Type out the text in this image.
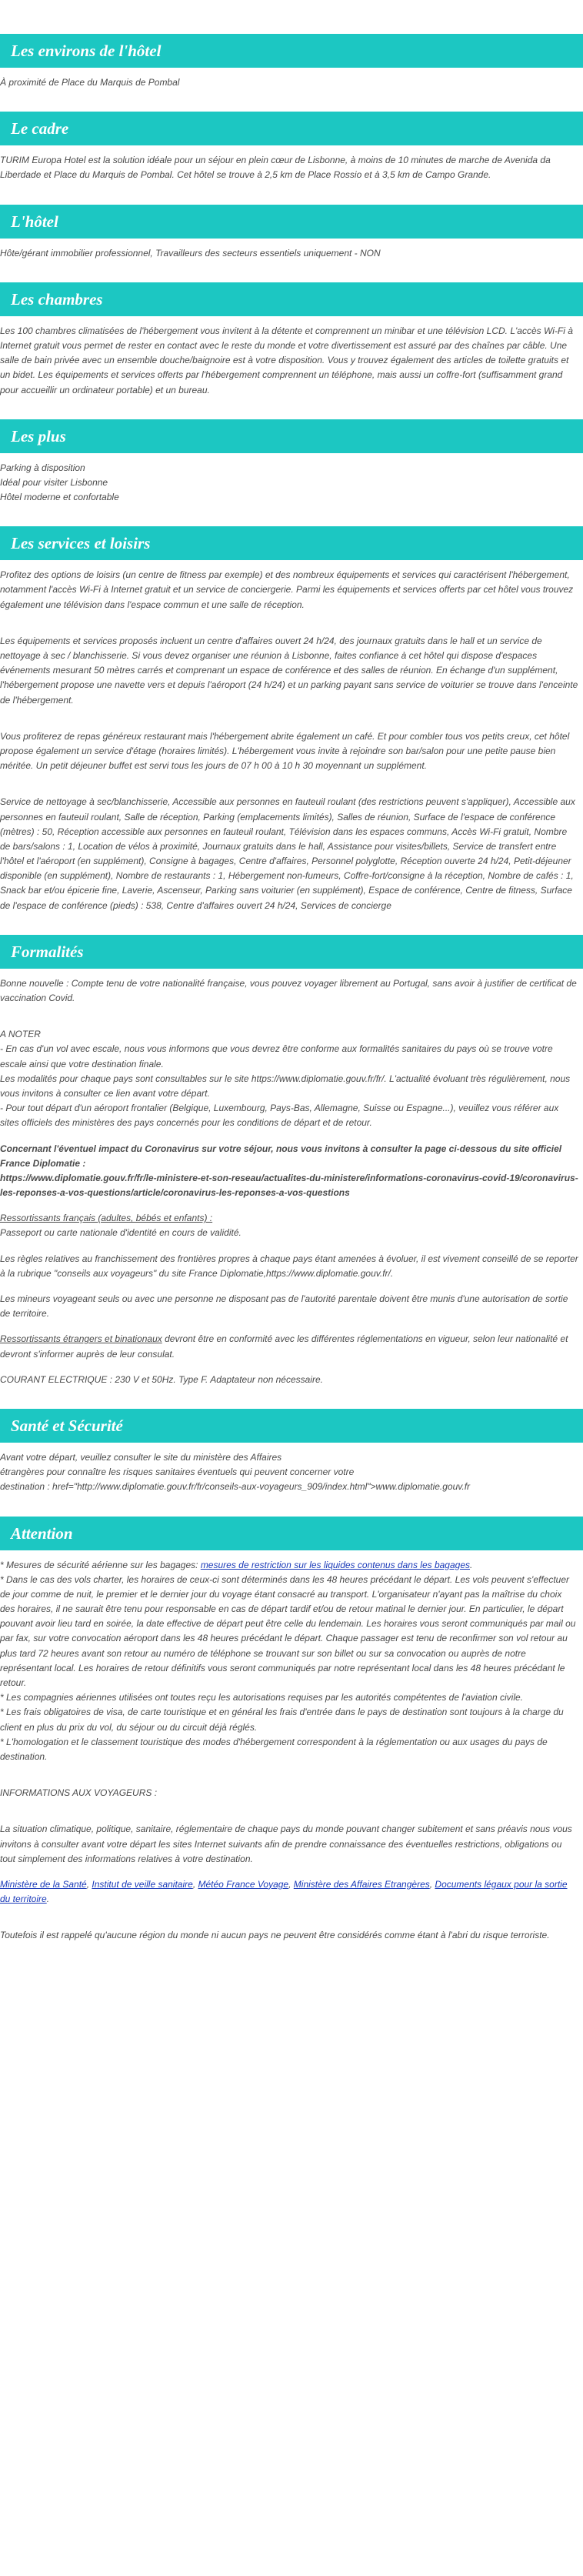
Les environs de l'hôtel

À proximité de Place du Marquis de Pombal

Le cadre

TURIM Europa Hotel est la solution idéale pour un séjour en plein cœur de Lisbonne, à moins de 10 minutes de marche de Avenida da Liberdade et Place du Marquis de Pombal. Cet hôtel se trouve à 2,5 km de Place Rossio et à 3,5 km de Campo Grande.

L'hôtel

Hôte/gérant immobilier professionnel, Travailleurs des secteurs essentiels uniquement - NON

Les chambres

Les 100 chambres climatisées de l'hébergement vous invitent à la détente et comprennent un minibar et une télévision LCD. L'accès Wi-Fi à Internet gratuit vous permet de rester en contact avec le reste du monde et votre divertissement est assuré par des chaînes par câble. Une salle de bain privée avec un ensemble douche/baignoire est à votre disposition. Vous y trouvez également des articles de toilette gratuits et un bidet. Les équipements et services offerts par l'hébergement comprennent un téléphone, mais aussi un coffre-fort (suffisamment grand pour accueillir un ordinateur portable) et un bureau.

Les plus

Parking à disposition
Idéal pour visiter Lisbonne
Hôtel moderne et confortable

Les services et loisirs

Profitez des options de loisirs (un centre de fitness par exemple) et des nombreux équipements et services qui caractérisent l'hébergement, notamment l'accès Wi-Fi à Internet gratuit et un service de conciergerie. Parmi les équipements et services offerts par cet hôtel vous trouvez également une télévision dans l'espace commun et une salle de réception.

Les équipements et services proposés incluent un centre d'affaires ouvert 24 h/24, des journaux gratuits dans le hall et un service de nettoyage à sec / blanchisserie. Si vous devez organiser une réunion à Lisbonne, faites confiance à cet hôtel qui dispose d'espaces événements mesurant 50 mètres carrés et comprenant un espace de conférence et des salles de réunion. En échange d'un supplément, l'hébergement propose une navette vers et depuis l'aéroport (24 h/24) et un parking payant sans service de voiturier se trouve dans l'enceinte de l'hébergement.

Vous profiterez de repas généreux restaurant mais l'hébergement abrite également un café. Et pour combler tous vos petits creux, cet hôtel propose également un service d'étage (horaires limités). L'hébergement vous invite à rejoindre son bar/salon pour une petite pause bien méritée. Un petit déjeuner buffet est servi tous les jours de 07 h 00 à 10 h 30 moyennant un supplément.

Service de nettoyage à sec/blanchisserie, Accessible aux personnes en fauteuil roulant (des restrictions peuvent s'appliquer), Accessible aux personnes en fauteuil roulant, Salle de réception, Parking (emplacements limités), Salles de réunion, Surface de l'espace de conférence (mètres) : 50, Réception accessible aux personnes en fauteuil roulant, Télévision dans les espaces communs, Accès Wi-Fi gratuit, Nombre de bars/salons : 1, Location de vélos à proximité, Journaux gratuits dans le hall, Assistance pour visites/billets, Service de transfert entre l'hôtel et l'aéroport (en supplément), Consigne à bagages, Centre d'affaires, Personnel polyglotte, Réception ouverte 24 h/24, Petit-déjeuner disponible (en supplément), Nombre de restaurants : 1, Hébergement non-fumeurs, Coffre-fort/consigne à la réception, Nombre de cafés : 1, Snack bar et/ou épicerie fine, Laverie, Ascenseur, Parking sans voiturier (en supplément), Espace de conférence, Centre de fitness, Surface de l'espace de conférence (pieds) : 538, Centre d'affaires ouvert 24 h/24, Services de concierge

Formalités

Bonne nouvelle : Compte tenu de votre nationalité française, vous pouvez voyager librement au Portugal, sans avoir à justifier de certificat de vaccination Covid.

A NOTER
- En cas d'un vol avec escale, nous vous informons que vous devrez être conforme aux formalités sanitaires du pays où se trouve votre escale ainsi que votre destination finale.
Les modalités pour chaque pays sont consultables sur le site https://www.diplomatie.gouv.fr/fr/. L'actualité évoluant très régulièrement, nous vous invitons à consulter ce lien avant votre départ.
- Pour tout départ d'un aéroport frontalier (Belgique, Luxembourg, Pays-Bas, Allemagne, Suisse ou Espagne...), veuillez vous référer aux sites officiels des ministères des pays concernés pour les conditions de départ et de retour.

Concernant l'éventuel impact du Coronavirus sur votre séjour, nous vous invitons à consulter la page ci-dessous du site officiel France Diplomatie :
https://www.diplomatie.gouv.fr/fr/le-ministere-et-son-reseau/actualites-du-ministere/informations-coronavirus-covid-19/coronavirus-les-reponses-a-vos-questions/article/coronavirus-les-reponses-a-vos-questions

Ressortissants français (adultes, bébés et enfants) :
Passeport ou carte nationale d'identité en cours de validité.

Les règles relatives au franchissement des frontières propres à chaque pays étant amenées à évoluer, il est vivement conseillé de se reporter à la rubrique "conseils aux voyageurs" du site France Diplomatie,https://www.diplomatie.gouv.fr/.

Les mineurs voyageant seuls ou avec une personne ne disposant pas de l'autorité parentale doivent être munis d'une autorisation de sortie de territoire.

Ressortissants étrangers et binationaux devront être en conformité avec les différentes réglementations en vigueur, selon leur nationalité et devront s'informer auprès de leur consulat.

COURANT ELECTRIQUE : 230 V et 50Hz. Type F. Adaptateur non nécessaire.

Santé et Sécurité

Avant votre départ, veuillez consulter le site du ministère des Affaires
étrangères pour connaître les risques sanitaires éventuels qui peuvent concerner votre
destination : href="http://www.diplomatie.gouv.fr/fr/conseils-aux-voyageurs_909/index.html">www.diplomatie.gouv.fr

Attention

* Mesures de sécurité aérienne sur les bagages: mesures de restriction sur les liquides contenus dans les bagages.
* Dans le cas des vols charter, les horaires de ceux-ci sont déterminés dans les 48 heures précédant le départ. Les vols peuvent s'effectuer de jour comme de nuit, le premier et le dernier jour du voyage étant consacré au transport. L'organisateur n'ayant pas la maîtrise du choix des horaires, il ne saurait être tenu pour responsable en cas de départ tardif et/ou de retour matinal le dernier jour. En particulier, le départ pouvant avoir lieu tard en soirée, la date effective de départ peut être celle du lendemain. Les horaires vous seront communiqués par mail ou par fax, sur votre convocation aéroport dans les 48 heures précédant le départ. Chaque passager est tenu de reconfirmer son vol retour au plus tard 72 heures avant son retour au numéro de téléphone se trouvant sur son billet ou sur sa convocation ou auprès de notre représentant local. Les horaires de retour définitifs vous seront communiqués par notre représentant local dans les 48 heures précédant le retour.
* Les compagnies aériennes utilisées ont toutes reçu les autorisations requises par les autorités compétentes de l'aviation civile.
* Les frais obligatoires de visa, de carte touristique et en général les frais d'entrée dans le pays de destination sont toujours à la charge du client en plus du prix du vol, du séjour ou du circuit déjà réglés.
* L'homologation et le classement touristique des modes d'hébergement correspondent à la réglementation ou aux usages du pays de destination.

INFORMATIONS AUX VOYAGEURS :

La situation climatique, politique, sanitaire, réglementaire de chaque pays du monde pouvant changer subitement et sans préavis nous vous invitons à consulter avant votre départ les sites Internet suivants afin de prendre connaissance des éventuelles restrictions, obligations ou tout simplement des informations relatives à votre destination.

Ministère de la Santé, Institut de veille sanitaire, Météo France Voyage, Ministère des Affaires Etrangères, Documents légaux pour la sortie du territoire.

Toutefois il est rappelé qu'aucune région du monde ni aucun pays ne peuvent être considérés comme étant à l'abri du risque terroriste.
